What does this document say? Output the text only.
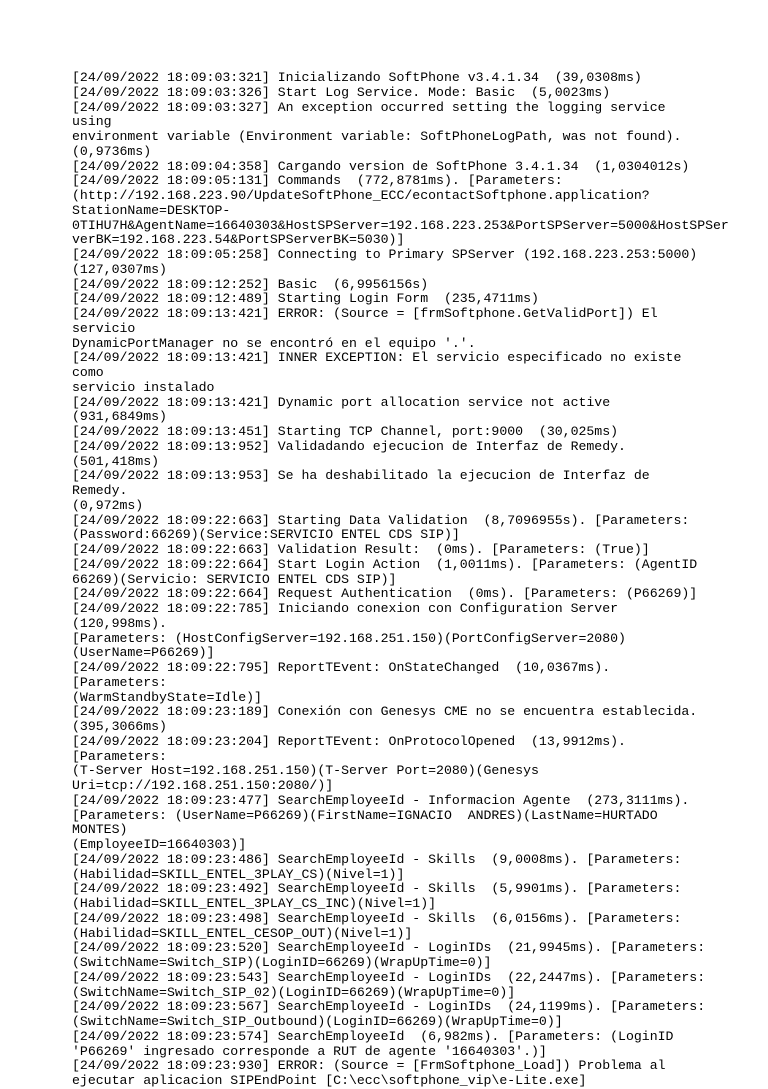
[24/09/2022 18:09:03:321] Inicializando SoftPhone v3.4.1.34  (39,0308ms)
[24/09/2022 18:09:03:326] Start Log Service. Mode: Basic  (5,0023ms)
[24/09/2022 18:09:03:327] An exception occurred setting the logging service using
environment variable (Environment variable: SoftPhoneLogPath, was not found).
(0,9736ms)
[24/09/2022 18:09:04:358] Cargando version de SoftPhone 3.4.1.34  (1,0304012s)
[24/09/2022 18:09:05:131] Commands  (772,8781ms). [Parameters:
(http://192.168.223.90/UpdateSoftPhone_ECC/econtactSoftphone.application?
StationName=DESKTOP-
0TIHU7H&AgentName=16640303&HostSPServer=192.168.223.253&PortSPServer=5000&HostSPSer
verBK=192.168.223.54&PortSPServerBK=5030)]
[24/09/2022 18:09:05:258] Connecting to Primary SPServer (192.168.223.253:5000)
(127,0307ms)
[24/09/2022 18:09:12:252] Basic  (6,9956156s)
[24/09/2022 18:09:12:489] Starting Login Form  (235,4711ms)
[24/09/2022 18:09:13:421] ERROR: (Source = [frmSoftphone.GetValidPort]) El servicio
DynamicPortManager no se encontró en el equipo '.'.
[24/09/2022 18:09:13:421] INNER EXCEPTION: El servicio especificado no existe como
servicio instalado
[24/09/2022 18:09:13:421] Dynamic port allocation service not active  (931,6849ms)
[24/09/2022 18:09:13:451] Starting TCP Channel, port:9000  (30,025ms)
[24/09/2022 18:09:13:952] Validadando ejecucion de Interfaz de Remedy.  (501,418ms)
[24/09/2022 18:09:13:953] Se ha deshabilitado la ejecucion de Interfaz de Remedy.
(0,972ms)
[24/09/2022 18:09:22:663] Starting Data Validation  (8,7096955s). [Parameters:
(Password:66269)(Service:SERVICIO ENTEL CDS SIP)]
[24/09/2022 18:09:22:663] Validation Result:  (0ms). [Parameters: (True)]
[24/09/2022 18:09:22:664] Start Login Action  (1,0011ms). [Parameters: (AgentID
66269)(Servicio: SERVICIO ENTEL CDS SIP)]
[24/09/2022 18:09:22:664] Request Authentication  (0ms). [Parameters: (P66269)]
[24/09/2022 18:09:22:785] Iniciando conexion con Configuration Server  (120,998ms).
[Parameters: (HostConfigServer=192.168.251.150)(PortConfigServer=2080)
(UserName=P66269)]
[24/09/2022 18:09:22:795] ReportTEvent: OnStateChanged  (10,0367ms). [Parameters:
(WarmStandbyState=Idle)]
[24/09/2022 18:09:23:189] Conexión con Genesys CME no se encuentra establecida.
(395,3066ms)
[24/09/2022 18:09:23:204] ReportTEvent: OnProtocolOpened  (13,9912ms). [Parameters:
(T-Server Host=192.168.251.150)(T-Server Port=2080)(Genesys
Uri=tcp://192.168.251.150:2080/)]
[24/09/2022 18:09:23:477] SearchEmployeeId - Informacion Agente  (273,3111ms).
[Parameters: (UserName=P66269)(FirstName=IGNACIO  ANDRES)(LastName=HURTADO MONTES)
(EmployeeID=16640303)]
[24/09/2022 18:09:23:486] SearchEmployeeId - Skills  (9,0008ms). [Parameters:
(Habilidad=SKILL_ENTEL_3PLAY_CS)(Nivel=1)]
[24/09/2022 18:09:23:492] SearchEmployeeId - Skills  (5,9901ms). [Parameters:
(Habilidad=SKILL_ENTEL_3PLAY_CS_INC)(Nivel=1)]
[24/09/2022 18:09:23:498] SearchEmployeeId - Skills  (6,0156ms). [Parameters:
(Habilidad=SKILL_ENTEL_CESOP_OUT)(Nivel=1)]
[24/09/2022 18:09:23:520] SearchEmployeeId - LoginIDs  (21,9945ms). [Parameters:
(SwitchName=Switch_SIP)(LoginID=66269)(WrapUpTime=0)]
[24/09/2022 18:09:23:543] SearchEmployeeId - LoginIDs  (22,2447ms). [Parameters:
(SwitchName=Switch_SIP_02)(LoginID=66269)(WrapUpTime=0)]
[24/09/2022 18:09:23:567] SearchEmployeeId - LoginIDs  (24,1199ms). [Parameters:
(SwitchName=Switch_SIP_Outbound)(LoginID=66269)(WrapUpTime=0)]
[24/09/2022 18:09:23:574] SearchEmployeeId  (6,982ms). [Parameters: (LoginID
'P66269' ingresado corresponde a RUT de agente '16640303'.)]
[24/09/2022 18:09:23:930] ERROR: (Source = [FrmSoftphone_Load]) Problema al
ejecutar aplicacion SIPEndPoint [C:\ecc\softphone_vip\e-Lite.exe]
